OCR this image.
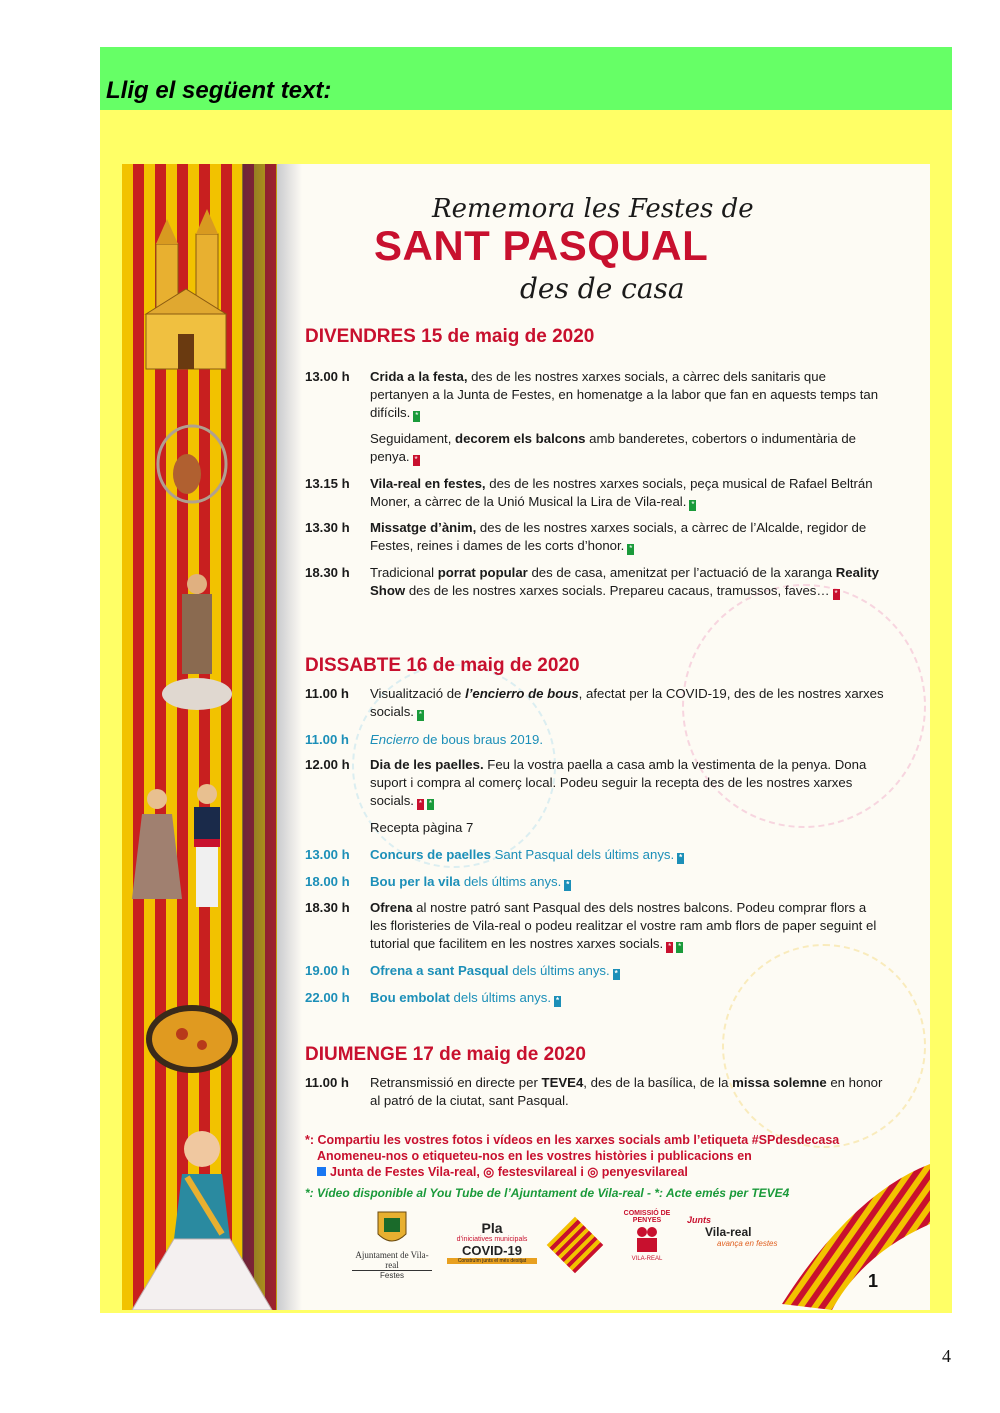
Llig el següent text:
Rememora les Festes de
SANT PASQUAL
des de casa
DIVENDRES 15 de maig de 2020
13.00 h	Crida a la festa, des de les nostres xarxes socials, a càrrec dels sanitaris que pertanyen a la Junta de Festes, en homenatge a la labor que fan en aquests temps tan difícils. *
Seguidament, decorem els balcons amb banderetes, cobertors o indumentària de penya. *
13.15 h	Vila-real en festes, des de les nostres xarxes socials, peça musical de Rafael Beltrán Moner, a càrrec de la Unió Musical la Lira de Vila-real. *
13.30 h	Missatge d’ànim, des de les nostres xarxes socials, a càrrec de l’Alcalde, regidor de Festes, reines i dames de les corts d’honor. *
18.30 h	Tradicional porrat popular des de casa, amenitzat per l’actuació de la xaranga Reality Show des de les nostres xarxes socials. Prepareu cacaus, tramussos, faves… *
DISSABTE 16 de maig de 2020
11.00 h	Visualització de l’encierro de bous, afectat per la COVID-19, des de les nostres xarxes socials. *
11.00 h	Encierro de bous braus 2019.
12.00 h	Dia de les paelles. Feu la vostra paella a casa amb la vestimenta de la penya. Dona suport i compra al comerç local. Podeu seguir la recepta des de les nostres xarxes socials. * *
Recepta pàgina 7
13.00 h	Concurs de paelles Sant Pasqual dels últims anys. *
18.00 h	Bou per la vila dels últims anys. *
18.30 h	Ofrena al nostre patró sant Pasqual des dels nostres balcons. Podeu comprar flors a les floristeries de Vila-real o podeu realitzar el vostre ram amb flors de paper seguint el tutorial que facilitem en les nostres xarxes socials. * *
19.00 h	Ofrena a sant Pasqual dels últims anys. *
22.00 h	Bou embolat dels últims anys. *
DIUMENGE 17 de maig de 2020
11.00 h	Retransmissió en directe per TEVE4, des de la basílica, de la missa solemne en honor al patró de la ciutat, sant Pasqual.
*: Compartiu les vostres fotos i vídeos en les xarxes socials amb l’etiqueta #SPdesdecasa
Anomeneu-nos o etiqueteu-nos en les vostres històries i publicacions en
Junta de Festes Vila-real, ◎ festesvilareal i ◎ penyesvilareal
*: Vídeo disponible al You Tube de l’Ajuntament de Vila-real - *: Acte emés per TEVE4
Ajuntament de Vila-real
Festes
Pla
d’iniciatives municipals
COVID-19
Construïm junts el més desitjat
COMISSIÓ DE PENYES
VILA-REAL
Junts
Vila-real
avança en festes
1
4
